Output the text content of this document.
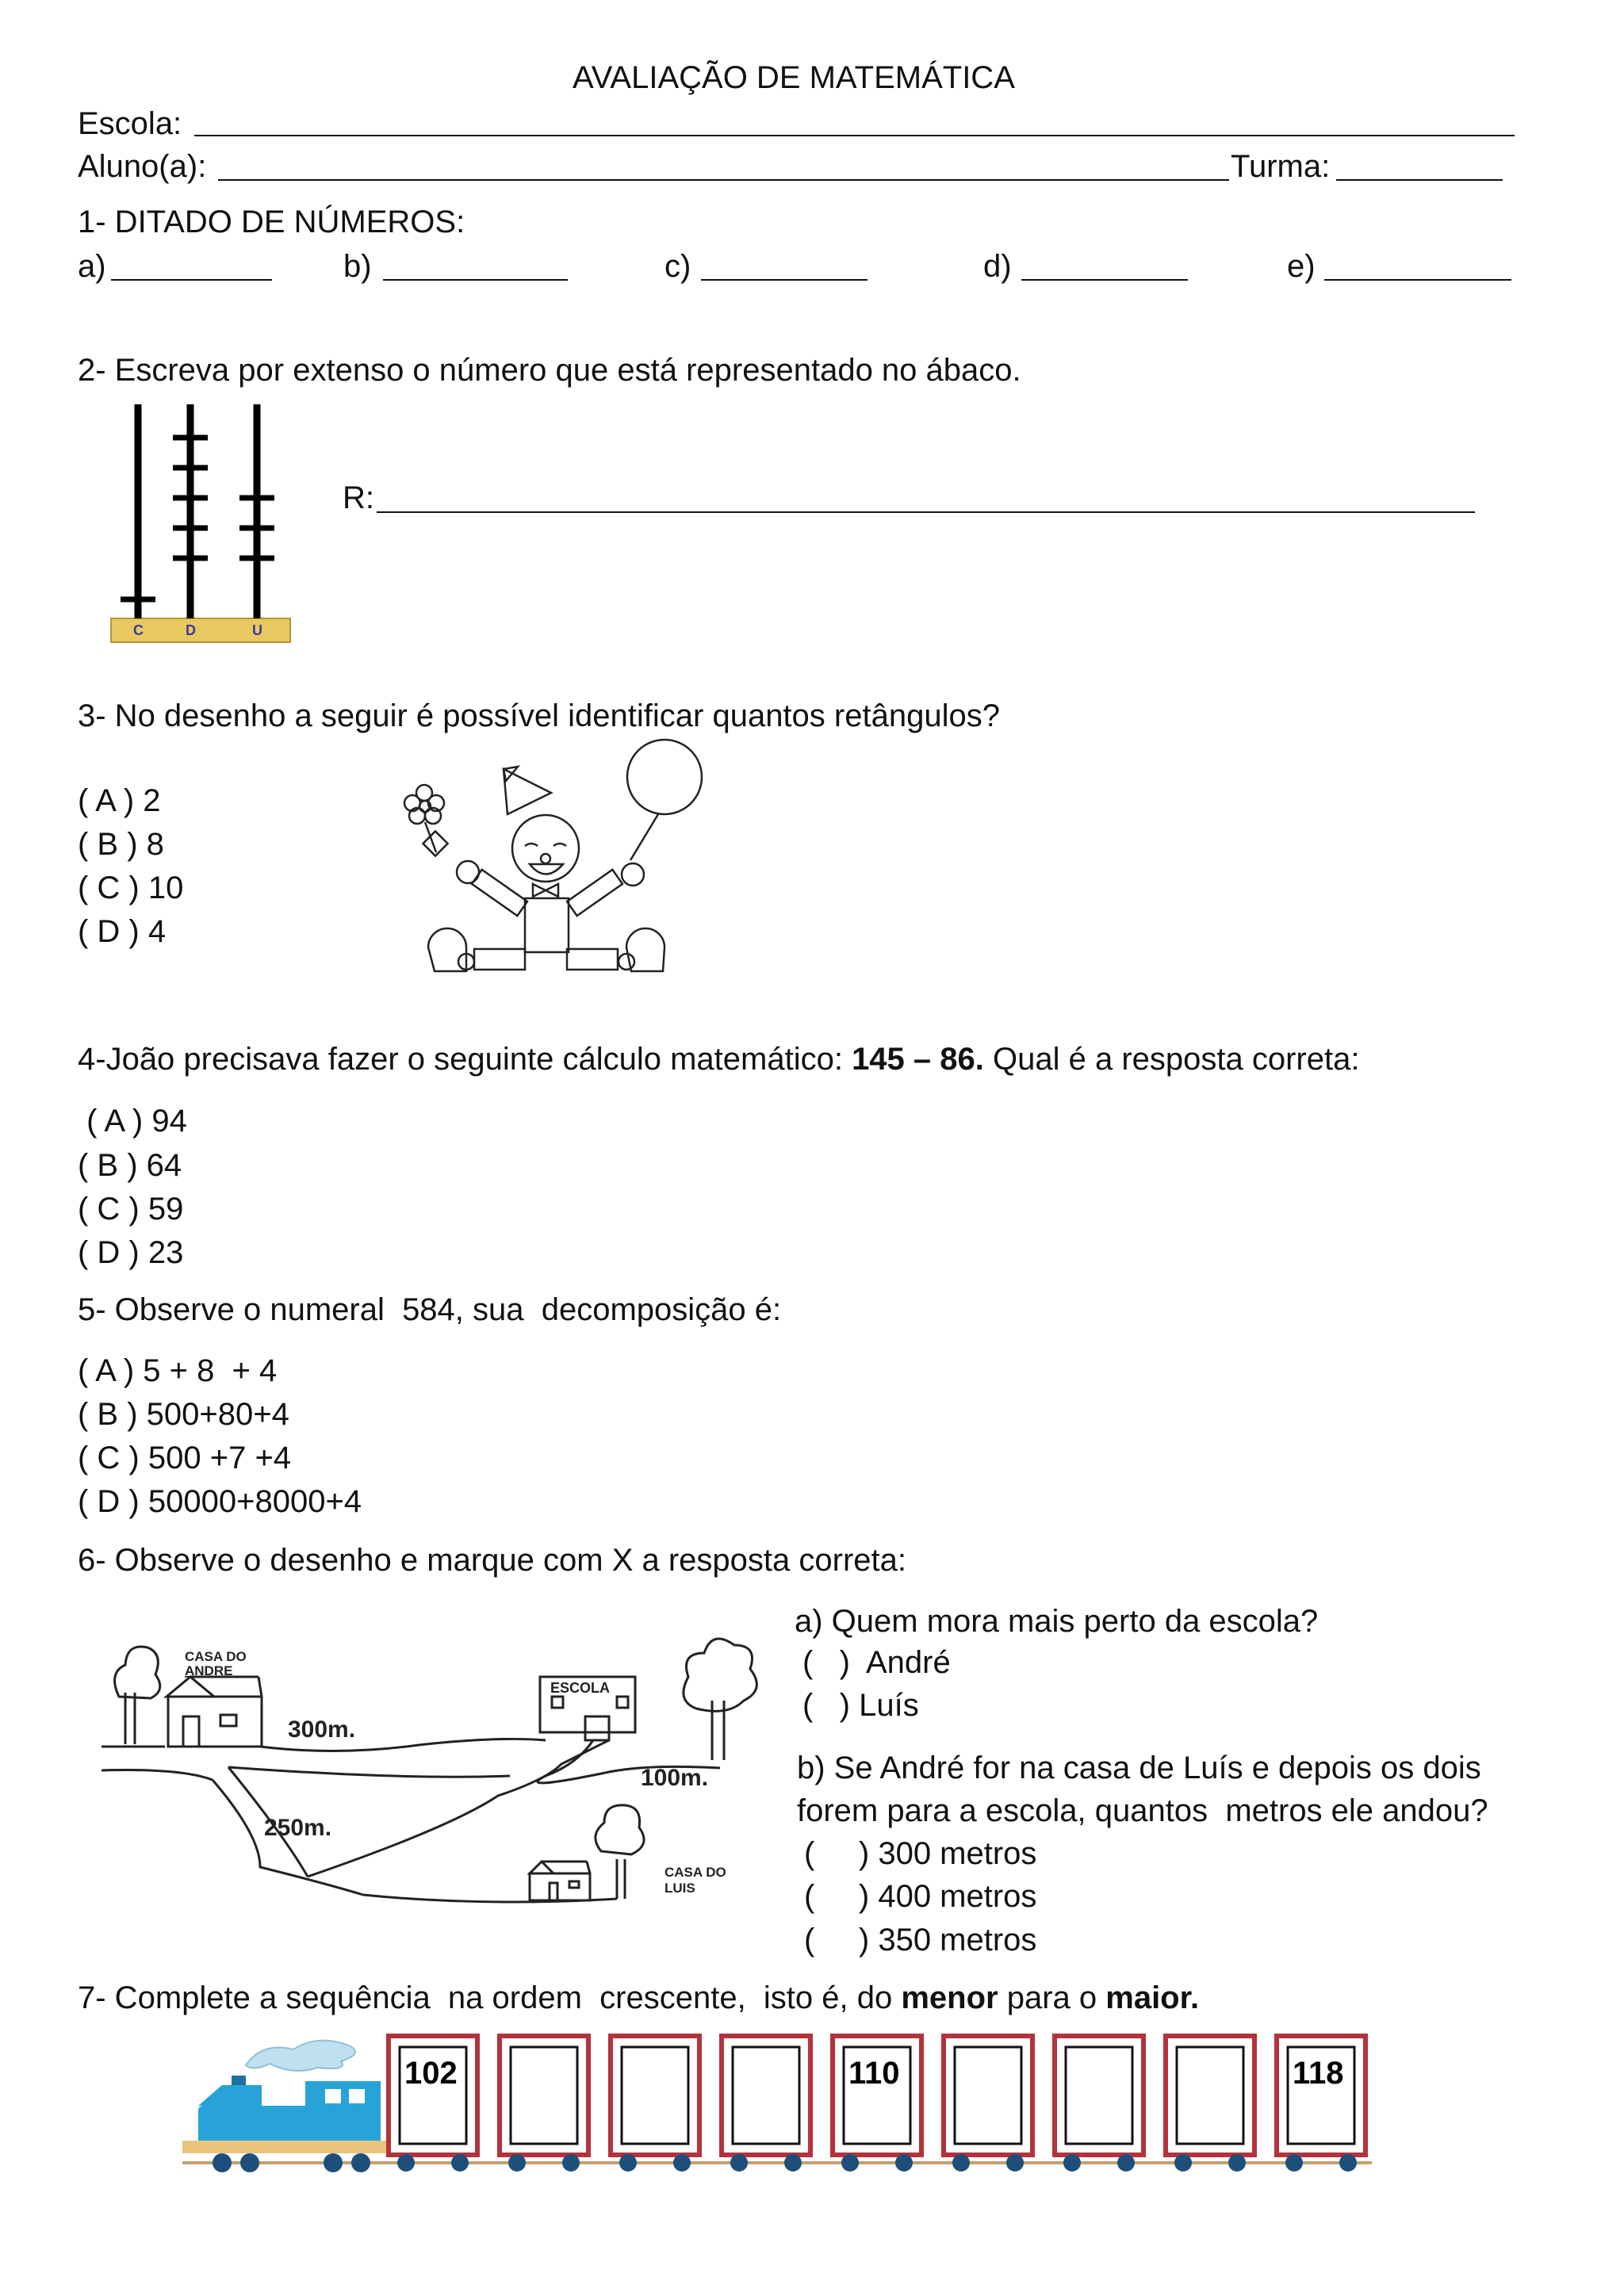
AVALIAÇÃO DE MATEMÁTICA
Escola:
Aluno(a):	Turma:
1- DITADO DE NÚMEROS:
a)	b)	c)	d)	e)
2- Escreva por extenso o número que está representado no ábaco.
C	D	U
R:
3- No desenho a seguir é possível identificar quantos retângulos?
( A ) 2
( B ) 8
( C ) 10
( D ) 4
4-João precisava fazer o seguinte cálculo matemático: 145 – 86. Qual é a resposta correta:
( A ) 94
( B ) 64
( C ) 59
( D ) 23
5- Observe o numeral  584, sua  decomposição é:
( A ) 5 + 8  + 4
( B ) 500+80+4
( C ) 500 +7 +4
( D ) 50000+8000+4
6- Observe o desenho e marque com X a resposta correta:
CASA DO
ANDRE
ESCOLA
300m.
100m.
250m.
CASA DO
LUIS
a) Quem mora mais perto da escola?
(   )  André
(   ) Luís
b) Se André for na casa de Luís e depois os dois
forem para a escola, quantos  metros ele andou?
(     ) 300 metros
(     ) 400 metros
(     ) 350 metros
7- Complete a sequência  na ordem  crescente,  isto é, do menor para o maior.
102	110	118
